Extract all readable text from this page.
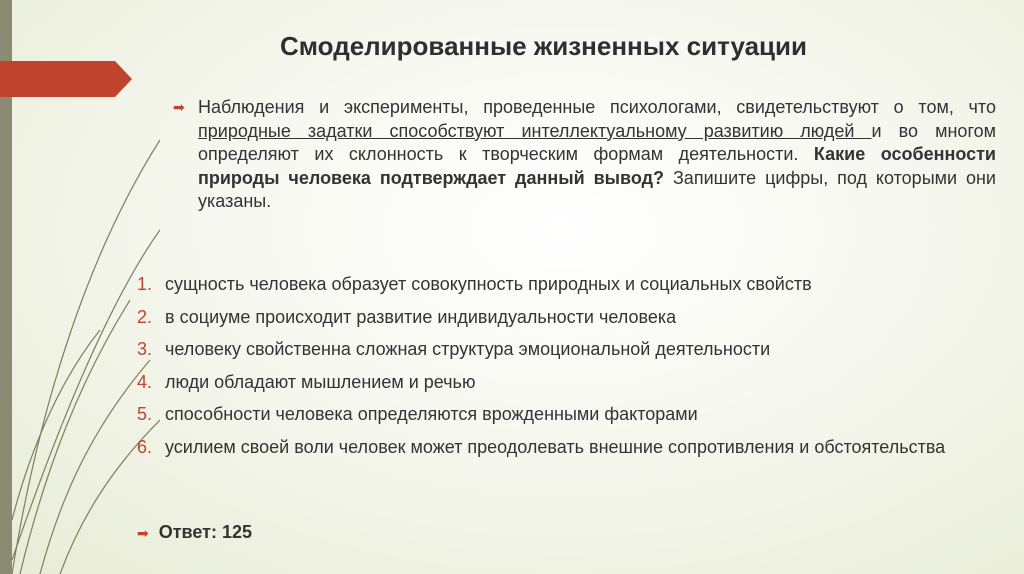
Смоделированные жизненных ситуации
➡ Наблюдения и эксперименты, проведенные психологами, свидетельствуют о том, что природные задатки способствуют интеллектуальному развитию людей и во многом определяют их склонность к творческим формам деятельности. Какие особенности природы человека подтверждает данный вывод? Запишите цифры, под которыми они указаны.
1. сущность человека образует совокупность природных и социальных свойств
2. в социуме происходит развитие индивидуальности человека
3. человеку свойственна сложная структура эмоциональной деятельности
4. люди обладают мышлением и речью
5. способности человека определяются врожденными факторами
6. усилием своей воли человек может преодолевать внешние сопротивления и обстоятельства
➡ Ответ: 125
